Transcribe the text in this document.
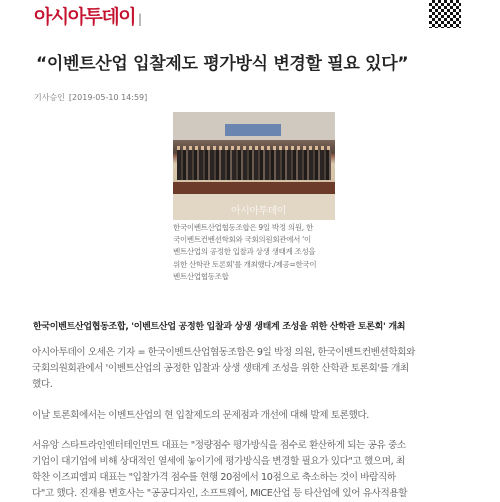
아시아투데이 |
“이벤트산업 입찰제도 평가방식 변경할 필요 있다”
기사승인 [2019-05-10 14:59]
아시아투데이

한국이벤트산업협동조합은 9일 박정 의원, 한
국이벤트컨벤션학회와 국회의원회관에서 '이
벤트산업의 공정한 입찰과 상생 생태계 조성을
위한 산학관 토론회'를 개최했다./제공=한국이
벤트산업협동조합

한국이벤트산업협동조합, '이벤트산업 공정한 입찰과 상생 생태계 조성을 위한 산학관 토론회' 개최

아시아투데이 오세은 기자 = 한국이벤트산업협동조합은 9일 박정 의원, 한국이벤트컨벤션학회와
국회의원회관에서 '이벤트산업의 공정한 입찰과 상생 생태계 조성을 위한 산학관 토론회'를 개최
했다.

이날 토론회에서는 이벤트산업의 현 입찰제도의 문제점과 개선에 대해 발제 토론했다.

서유앙 스타트라인엔터테인먼트 대표는 "정량점수 평가방식을 점수로 환산하게 되는 공유 중소
기업이 대기업에 비해 상대적인 열세에 놓이기에 평가방식을 변경할 필요가 있다"고 했으며, 최
학찬 이즈피엠피 대표는 "입찰가격 점수를 현행 20점에서 10점으로 축소하는 것이 바람직하
다"고 했다. 진재용 변호사는 "공공디자인, 소프트웨어, MICE산업 등 타산업에 있어 유사적용할
